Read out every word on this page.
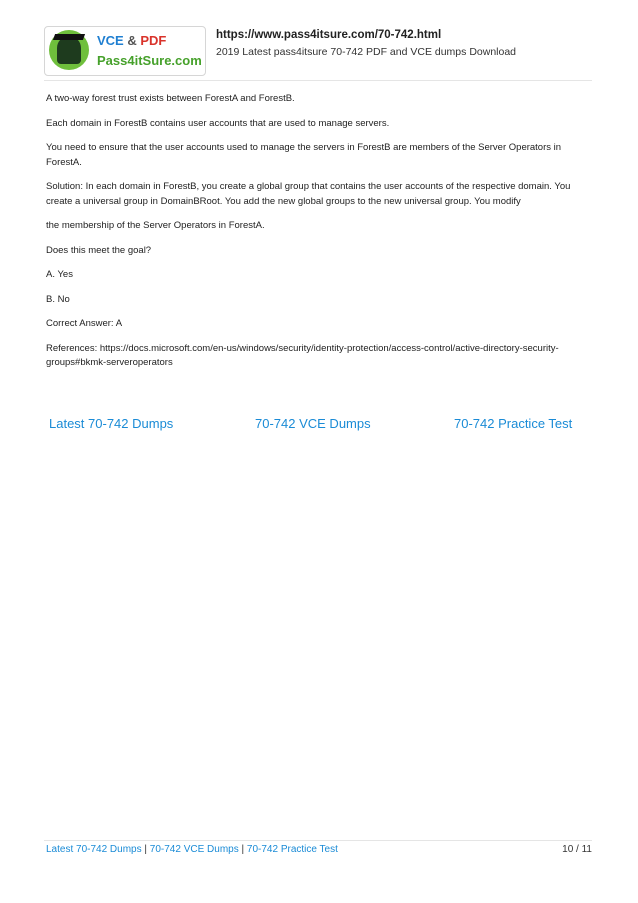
VCE & PDF
Pass4itSure.com
https://www.pass4itsure.com/70-742.html
2019 Latest pass4itsure 70-742 PDF and VCE dumps Download

A two-way forest trust exists between ForestA and ForestB.

Each domain in ForestB contains user accounts that are used to manage servers.

You need to ensure that the user accounts used to manage the servers in ForestB are members of the Server Operators in ForestA.

Solution: In each domain in ForestB, you create a global group that contains the user accounts of the respective domain. You create a universal group in DomainBRoot. You add the new global groups to the new universal group. You modify

the membership of the Server Operators in ForestA.

Does this meet the goal?

A. Yes

B. No

Correct Answer: A

References: https://docs.microsoft.com/en-us/windows/security/identity-protection/access-control/active-directory-security-groups#bkmk-serveroperators

Latest 70-742 Dumps	70-742 VCE Dumps	70-742 Practice Test
Latest 70-742 Dumps | 70-742 VCE Dumps | 70-742 Practice Test	10 / 11
